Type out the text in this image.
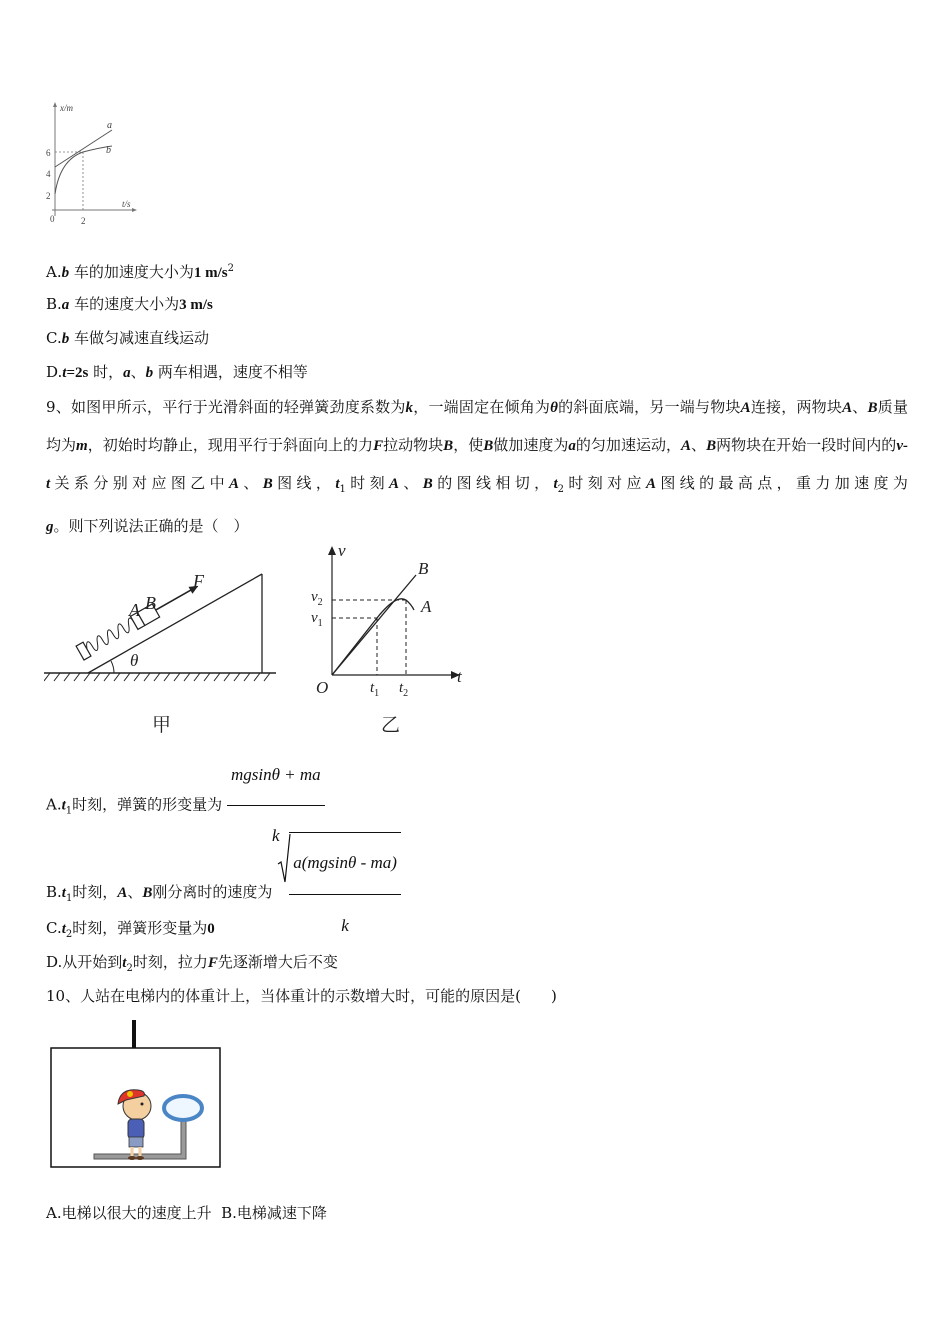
x/m
t/s
6
4
2
0	2
a
b
A.b 车的加速度大小为1 $m/s^2$
B.a 车的速度大小为3 m/s
C.b 车做匀减速直线运动
D.t=2s 时，a、b 两车相遇，速度不相等
9、如图甲所示，平行于光滑斜面的轻弹簧劲度系数为k，一端固定在倾角为θ的斜面底端，另一端与物块A连接，两物块A、B质量均为m，初始时均静止，现用平行于斜面向上的力F拉动物块B，使B做加速度为a的匀加速运动，A、B两物块在开始一段时间内的v-t关系分别对应图乙中A、B图线，$t_1$时刻A、B的图线相切，$t_2$时刻对应A图线的最高点，重力加速度为g。则下列说法正确的是（　）
F
A B
θ
甲
v
t
O
B
A
$v_2$
$v_1$
$t_1$ $t_2$
乙
$A.t_1$时刻，弹簧的形变量为 $\frac{mgsin\theta + ma}{k}$
$B.t_1$时刻，A、B刚分离时的速度为 $\frac{a(mgsin\theta - ma)}{k}$
$C.t_2$时刻，弹簧形变量为0
D.从开始到$t_2$时刻，拉力F先逐渐增大后不变
10、人站在电梯内的体重计上，当体重计的示数增大时，可能的原因是(　　)
A.电梯以很大的速度上升  B.电梯减速下降
